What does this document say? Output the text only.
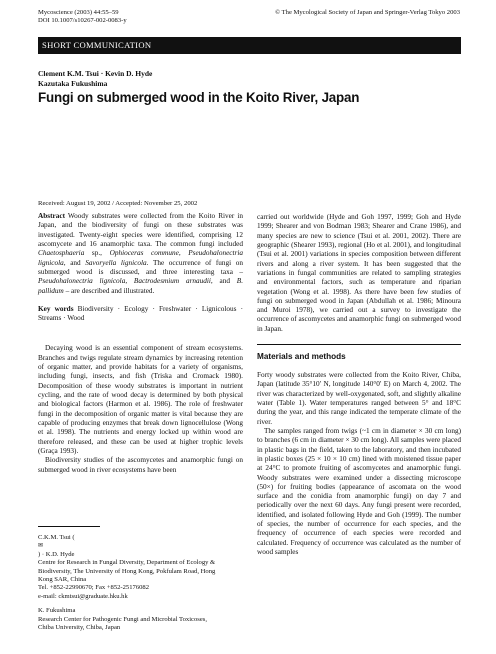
Mycoscience (2003) 44:55–59
DOI 10.1007/s10267-002-0083-y
© The Mycological Society of Japan and Springer-Verlag Tokyo 2003
SHORT COMMUNICATION
Clement K.M. Tsui · Kevin D. Hyde
Kazutaka Fukushima
Fungi on submerged wood in the Koito River, Japan
Received: August 19, 2002 / Accepted: November 25, 2002

Abstract Woody substrates were collected from the Koito River in Japan, and the biodiversity of fungi on these substrates was investigated. Twenty-eight species were identified, comprising 12 ascomycete and 16 anamorphic taxa. The common fungi included Chaetosphaeria sp., Ophioceras commune, Pseudohalonectria lignicola, and Savoryella lignicola. The occurrence of fungi on submerged wood is discussed, and three interesting taxa – Pseudohalonectria lignicola, Bactrodesmium arnaudii, and B. pallidum – are described and illustrated.

Key words Biodiversity · Ecology · Freshwater · Lignicolous · Streams · Wood

Decaying wood is an essential component of stream ecosystems. Branches and twigs regulate stream dynamics by increasing retention of organic matter, and provide habitats for a variety of organisms, including fungi, insects, and fish (Triska and Cromack 1980). Decomposition of these woody substrates is important in nutrient cycling, and the rate of wood decay is determined by both physical and biological factors (Harmon et al. 1986). The role of freshwater fungi in the decomposition of organic matter is vital because they are capable of producing enzymes that break down lignocellulose (Wong et al. 1998). The nutrients and energy locked up within wood are therefore released, and these can be used at higher trophic levels (Graça 1993).

Biodiversity studies of the ascomycetes and anamorphic fungi on submerged wood in river ecosystems have been

C.K.M. Tsui (
✉
) · K.D. Hyde
Centre for Research in Fungal Diversity, Department of Ecology &
Biodiversity, The University of Hong Kong, Pokfulam Road, Hong
Kong SAR, China
Tel. +852-22990670; Fax +852-25176082
e-mail: ckmtsui@graduate.hku.hk
K. Fukushima
Research Center for Pathogenic Fungi and Microbial Toxicoses,
Chiba University, Chiba, Japan

carried out worldwide (Hyde and Goh 1997, 1999; Goh and Hyde 1999; Shearer and von Bodman 1983; Shearer and Crane 1986), and many species are new to science (Tsui et al. 2001, 2002). There are geographic (Shearer 1993), regional (Ho et al. 2001), and longitudinal (Tsui et al. 2001) variations in species composition between different rivers and along a river system. It has been suggested that the variations in fungal communities are related to sampling strategies and environmental factors, such as temperature and riparian vegetation (Wong et al. 1998). As there have been few studies of fungi on submerged wood in Japan (Abdullah et al. 1986; Minoura and Muroi 1978), we carried out a survey to investigate the occurrence of ascomycetes and anamorphic fungi on submerged wood in Japan.

Materials and methods

Forty woody substrates were collected from the Koito River, Chiba, Japan (latitude 35°10′ N, longitude 140°0′ E) on March 4, 2002. The river was characterized by well-oxygenated, soft, and slightly alkaline water (Table 1). Water temperatures ranged between 5° and 18°C during the year, and this range indicated the temperate climate of the river.

The samples ranged from twigs (~1 cm in diameter × 30 cm long) to branches (6 cm in diameter × 30 cm long). All samples were placed in plastic bags in the field, taken to the laboratory, and then incubated in plastic boxes (25 × 10 × 10 cm) lined with moistened tissue paper at 24°C to promote fruiting of ascomycetes and anamorphic fungi. Woody substrates were examined under a dissecting microscope (50×) for fruiting bodies (appearance of ascomata on the wood surface and the conidia from anamorphic fungi) on day 7 and periodically over the next 60 days. Any fungi present were recorded, identified, and isolated following Hyde and Goh (1999). The number of species, the number of occurrence for each species, and the frequency of occurrence of each species were recorded and calculated. Frequency of occurrence was calculated as the number of wood samples
